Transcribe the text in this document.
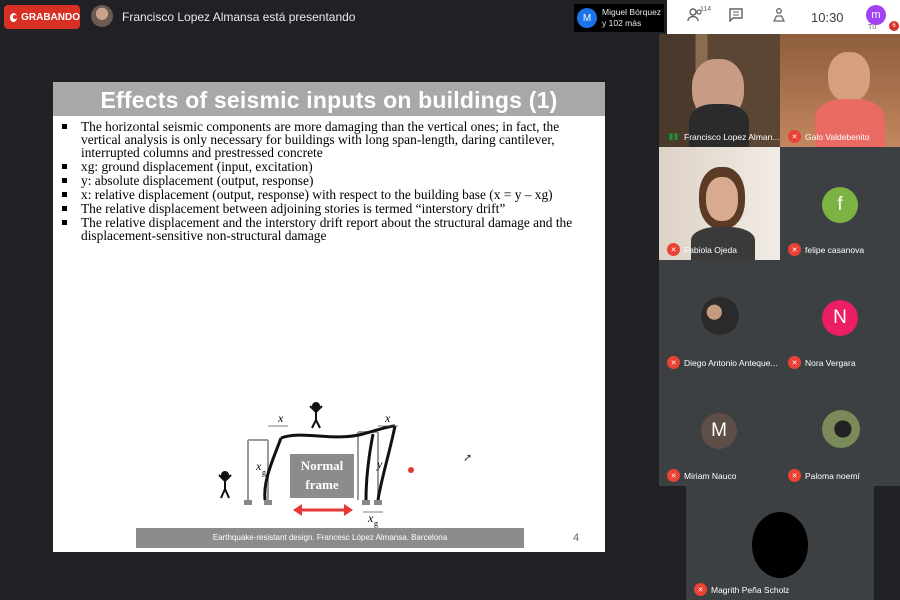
GRABANDO	Francisco Lopez Almansa está presentando	M
Miguel Bórquez
y 102 más
114
10:30	m
Tú	6
Effects of seismic inputs on buildings (1)
The horizontal seismic components are more damaging than the vertical ones; in fact, the vertical analysis is only necessary for buildings with long span-length, daring cantilever, interrupted columns and prestressed concrete
xg: ground displacement (input, excitation)
y: absolute displacement (output, response)
x: relative displacement (output, response) with respect to the building base (x = y – xg)
The relative displacement between adjoining stories is termed “interstory drift”
The relative displacement and the interstory drift report about the structural damage and the displacement-sensitive non-structural damage
Normal
frame
x	x
x g
y
x g
Earthquake-resistant design. Francesc López Almansa. Barcelona	4
➚
▮▮ Francisco Lopez Alman...	✕ Galo Valdebenito
✕ Fabiola Ojeda
f
✕ felipe casanova
✕ Diego Antonio Anteque...
N
✕ Nora Vergara
M
✕ Miriam Nauco	✕ Paloma noemí
✕ Magrith Peña Scholz
